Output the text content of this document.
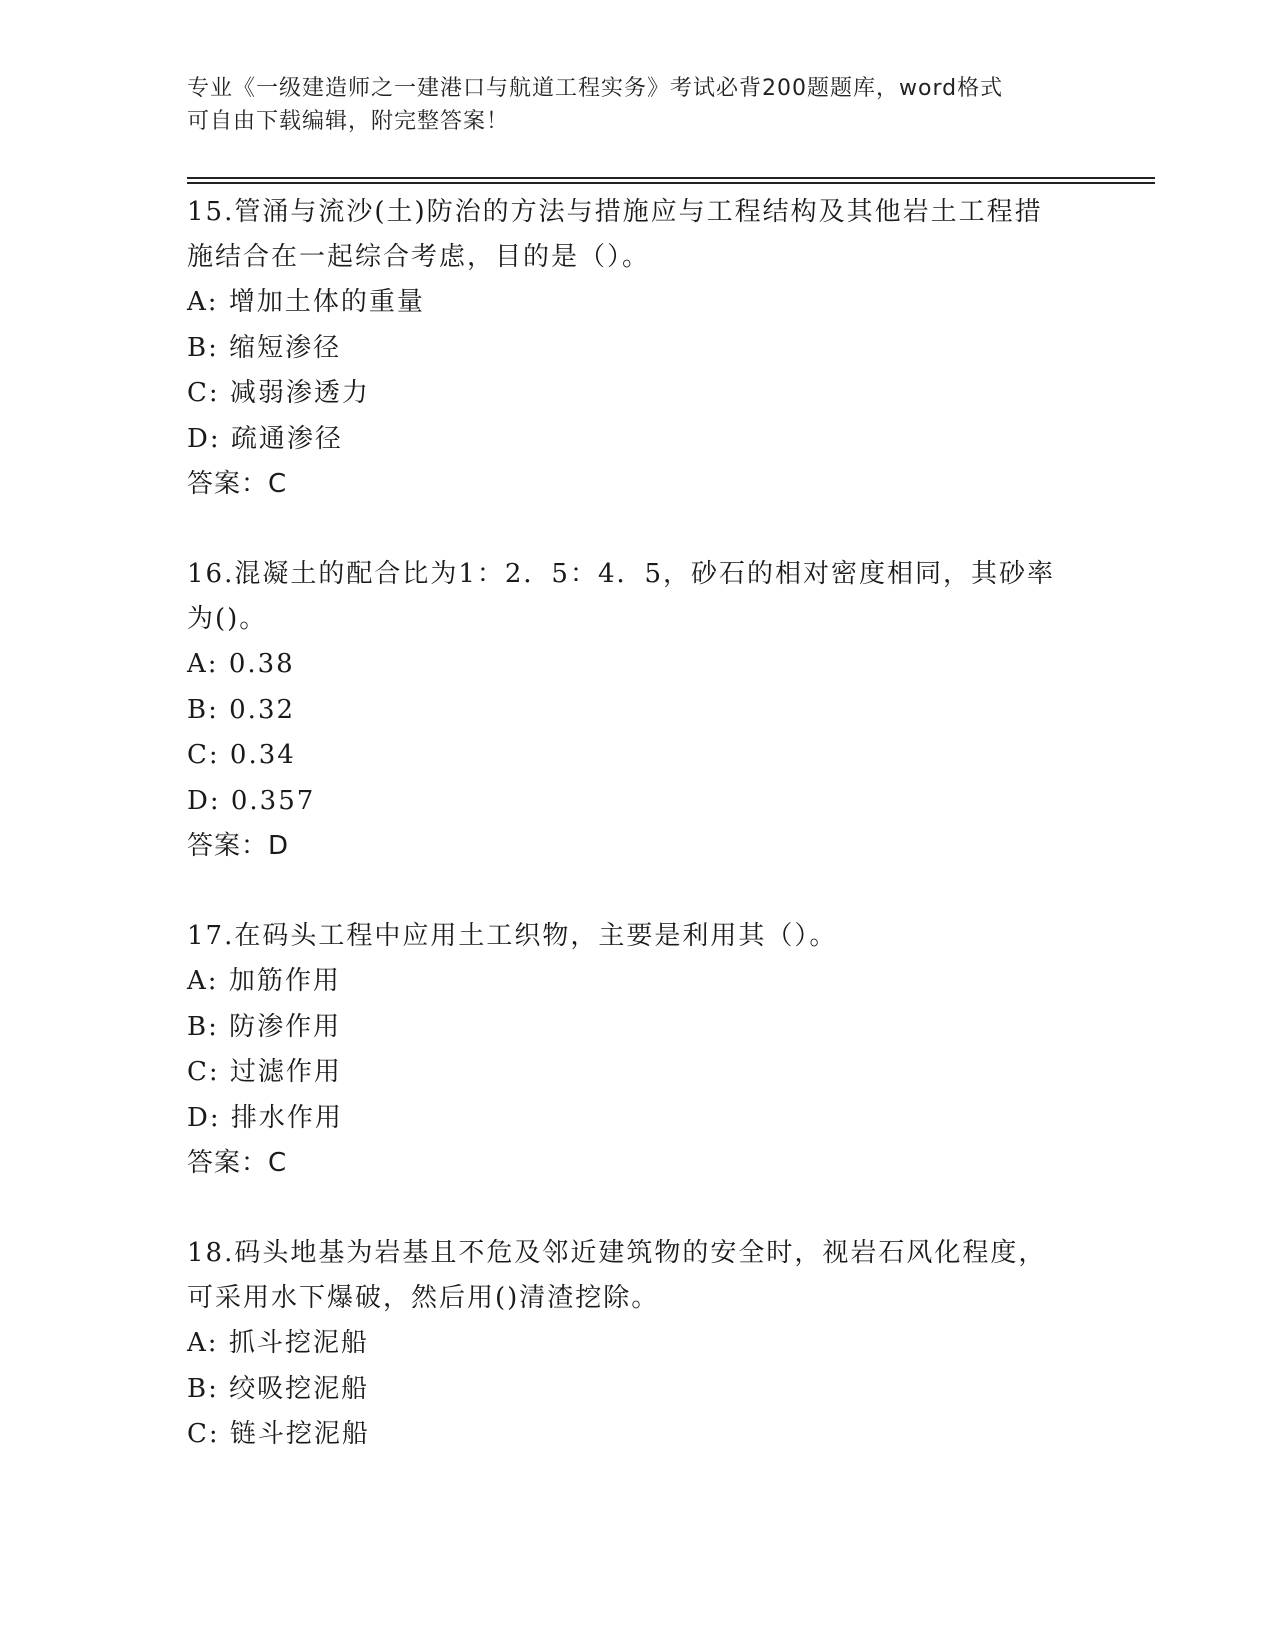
专业《一级建造师之一建港口与航道工程实务》考试必背200题题库，word格式
可自由下载编辑，附完整答案！
15.管涌与流沙(土)防治的方法与措施应与工程结构及其他岩土工程措
施结合在一起综合考虑，目的是（）。
A: 增加土体的重量
B: 缩短渗径
C: 减弱渗透力
D: 疏通渗径
答案：C
16.混凝土的配合比为1：2．5：4．5，砂石的相对密度相同，其砂率
为()。
A: 0.38
B: 0.32
C: 0.34
D: 0.357
答案：D
17.在码头工程中应用土工织物，主要是利用其（）。
A: 加筋作用
B: 防渗作用
C: 过滤作用
D: 排水作用
答案：C
18.码头地基为岩基且不危及邻近建筑物的安全时，视岩石风化程度，
可采用水下爆破，然后用()清渣挖除。
A: 抓斗挖泥船
B: 绞吸挖泥船
C: 链斗挖泥船
